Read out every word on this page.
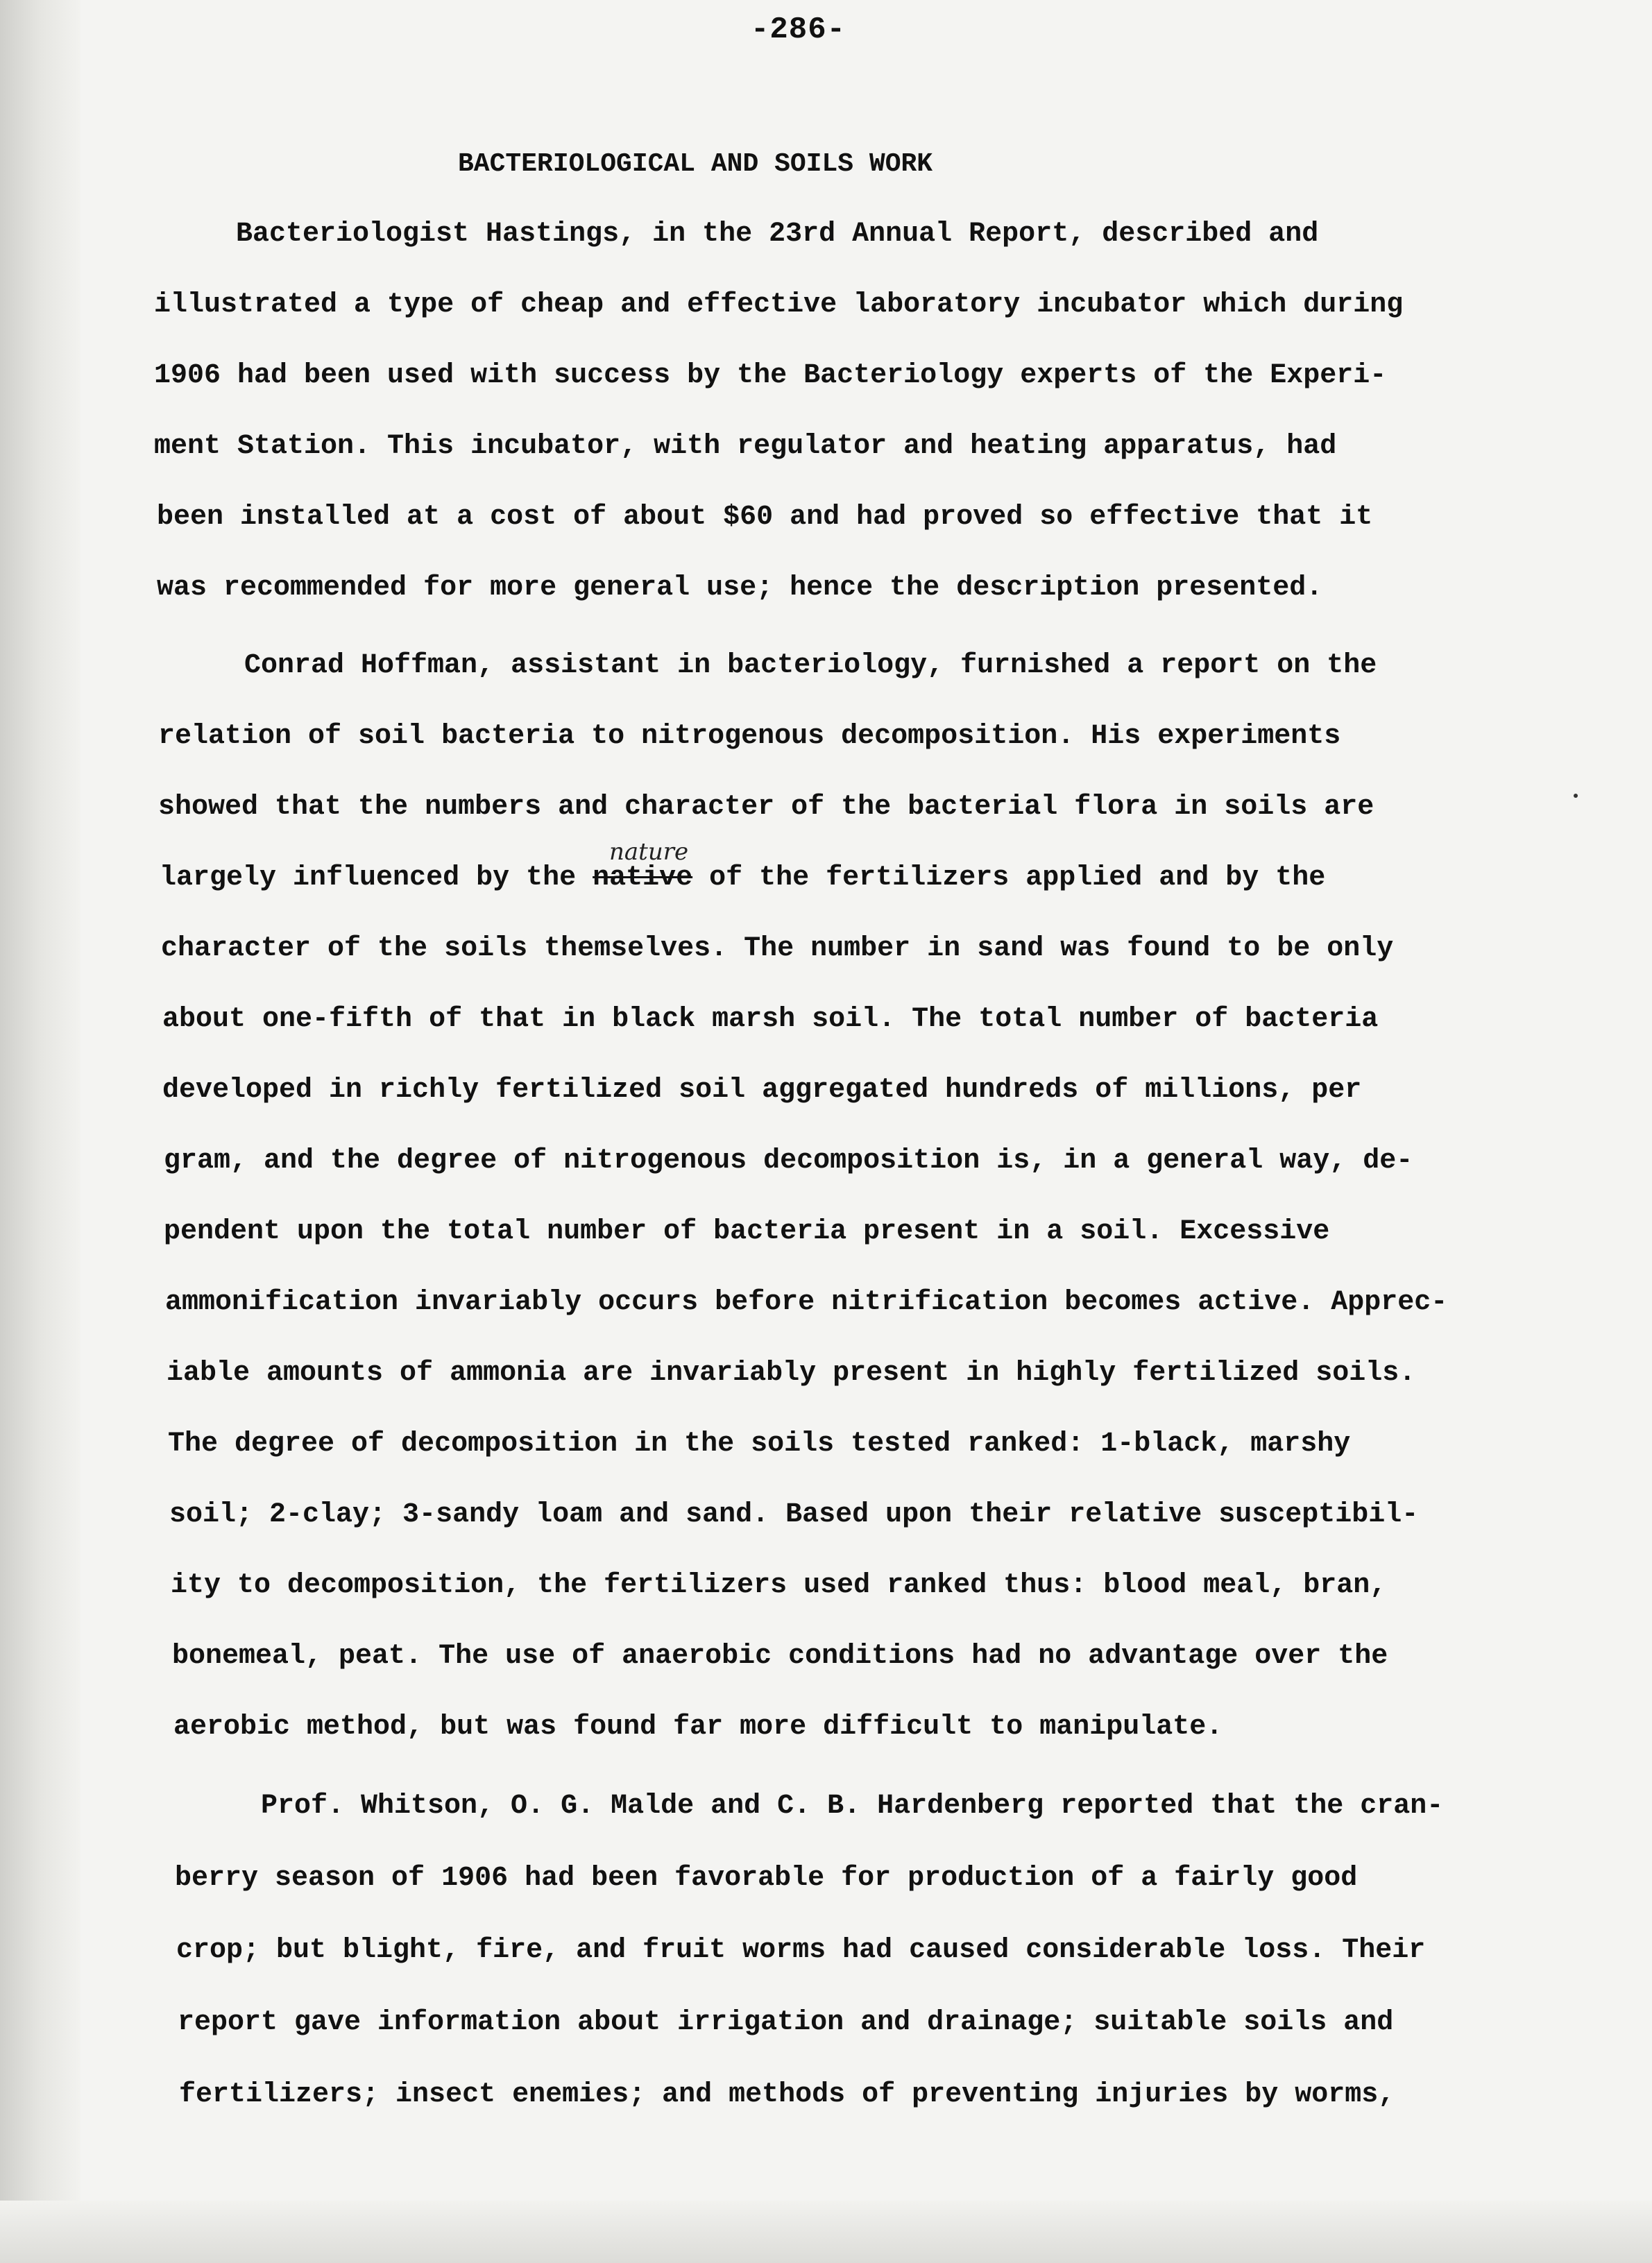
-286-
BACTERIOLOGICAL AND SOILS WORK
Bacteriologist Hastings, in the 23rd Annual Report, described and
illustrated a type of cheap and effective laboratory incubator which during
1906 had been used with success by the Bacteriology experts of the Experi-
ment Station. This incubator, with regulator and heating apparatus, had
been installed at a cost of about $60 and had proved so effective that it
was recommended for more general use; hence the description presented.
Conrad Hoffman, assistant in bacteriology, furnished a report on the
relation of soil bacteria to nitrogenous decomposition. His experiments
showed that the numbers and character of the bacterial flora in soils are
largely influenced by the native of the fertilizers applied and by the
nature
character of the soils themselves. The number in sand was found to be only
about one-fifth of that in black marsh soil. The total number of bacteria
developed in richly fertilized soil aggregated hundreds of millions, per
gram, and the degree of nitrogenous decomposition is, in a general way, de-
pendent upon the total number of bacteria present in a soil. Excessive
ammonification invariably occurs before nitrification becomes active. Apprec-
iable amounts of ammonia are invariably present in highly fertilized soils.
The degree of decomposition in the soils tested ranked: 1-black, marshy
soil; 2-clay; 3-sandy loam and sand. Based upon their relative susceptibil-
ity to decomposition, the fertilizers used ranked thus: blood meal, bran,
bonemeal, peat. The use of anaerobic conditions had no advantage over the
aerobic method, but was found far more difficult to manipulate.
Prof. Whitson, O. G. Malde and C. B. Hardenberg reported that the cran-
berry season of 1906 had been favorable for production of a fairly good
crop; but blight, fire, and fruit worms had caused considerable loss. Their
report gave information about irrigation and drainage; suitable soils and
fertilizers; insect enemies; and methods of preventing injuries by worms,
